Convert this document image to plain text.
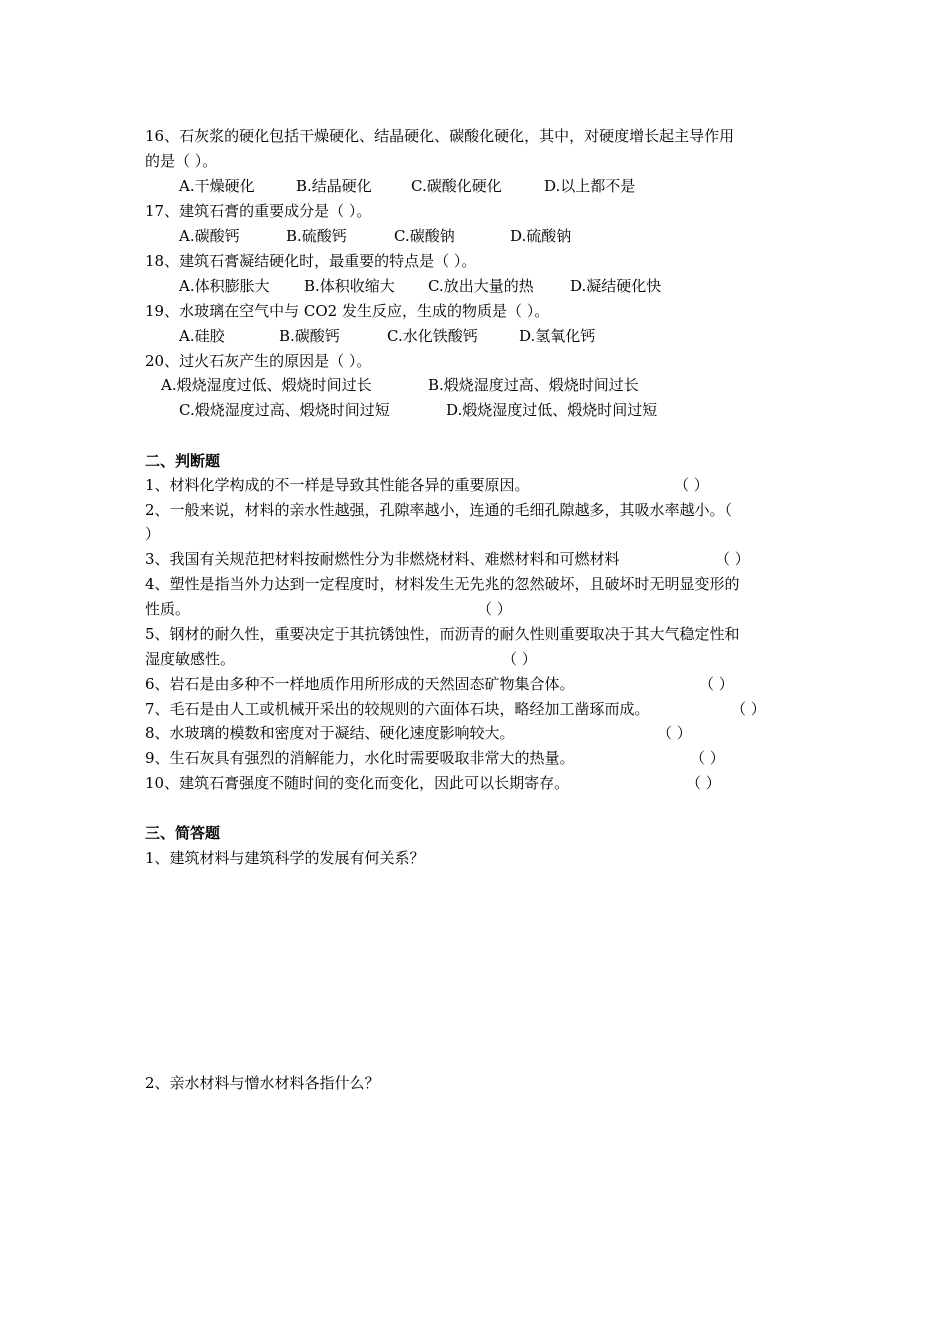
16、石灰浆的硬化包括干燥硬化、结晶硬化、碳酸化硬化，其中，对硬度增长起主导作用
的是（ ）。
A.干燥硬化	B.结晶硬化	C.碳酸化硬化	D.以上都不是
17、建筑石膏的重要成分是（ ）。
A.碳酸钙	B.硫酸钙	C.碳酸钠	D.硫酸钠
18、建筑石膏凝结硬化时，最重要的特点是（ ）。
A.体积膨胀大 B.体积收缩大 C.放出大量的热 D.凝结硬化快
19、水玻璃在空气中与 CO2 发生反应，生成的物质是（ ）。
A.硅胶	B.碳酸钙	C.水化铁酸钙	D.氢氧化钙
20、过火石灰产生的原因是（ ）。
A.煅烧湿度过低、煅烧时间过长	B.煅烧湿度过高、煅烧时间过长
C.煅烧湿度过高、煅烧时间过短	D.煅烧湿度过低、煅烧时间过短
二、判断题
1、材料化学构成的不一样是导致其性能各异的重要原因。	（ ）
2、一般来说，材料的亲水性越强，孔隙率越小，连通的毛细孔隙越多，其吸水率越小。（
）
3、我国有关规范把材料按耐燃性分为非燃烧材料、难燃材料和可燃材料	（ ）
4、塑性是指当外力达到一定程度时，材料发生无先兆的忽然破坏，且破坏时无明显变形的
性质。	（ ）
5、钢材的耐久性，重要决定于其抗锈蚀性，而沥青的耐久性则重要取决于其大气稳定性和
湿度敏感性。	（ ）
6、岩石是由多种不一样地质作用所形成的天然固态矿物集合体。	（ ）
7、毛石是由人工或机械开采出的较规则的六面体石块，略经加工凿琢而成。	（ ）
8、水玻璃的模数和密度对于凝结、硬化速度影响较大。	（ ）
9、生石灰具有强烈的消解能力，水化时需要吸取非常大的热量。	（ ）
10、建筑石膏强度不随时间的变化而变化，因此可以长期寄存。	（ ）
三、简答题
1、建筑材料与建筑科学的发展有何关系？
2、亲水材料与憎水材料各指什么？
